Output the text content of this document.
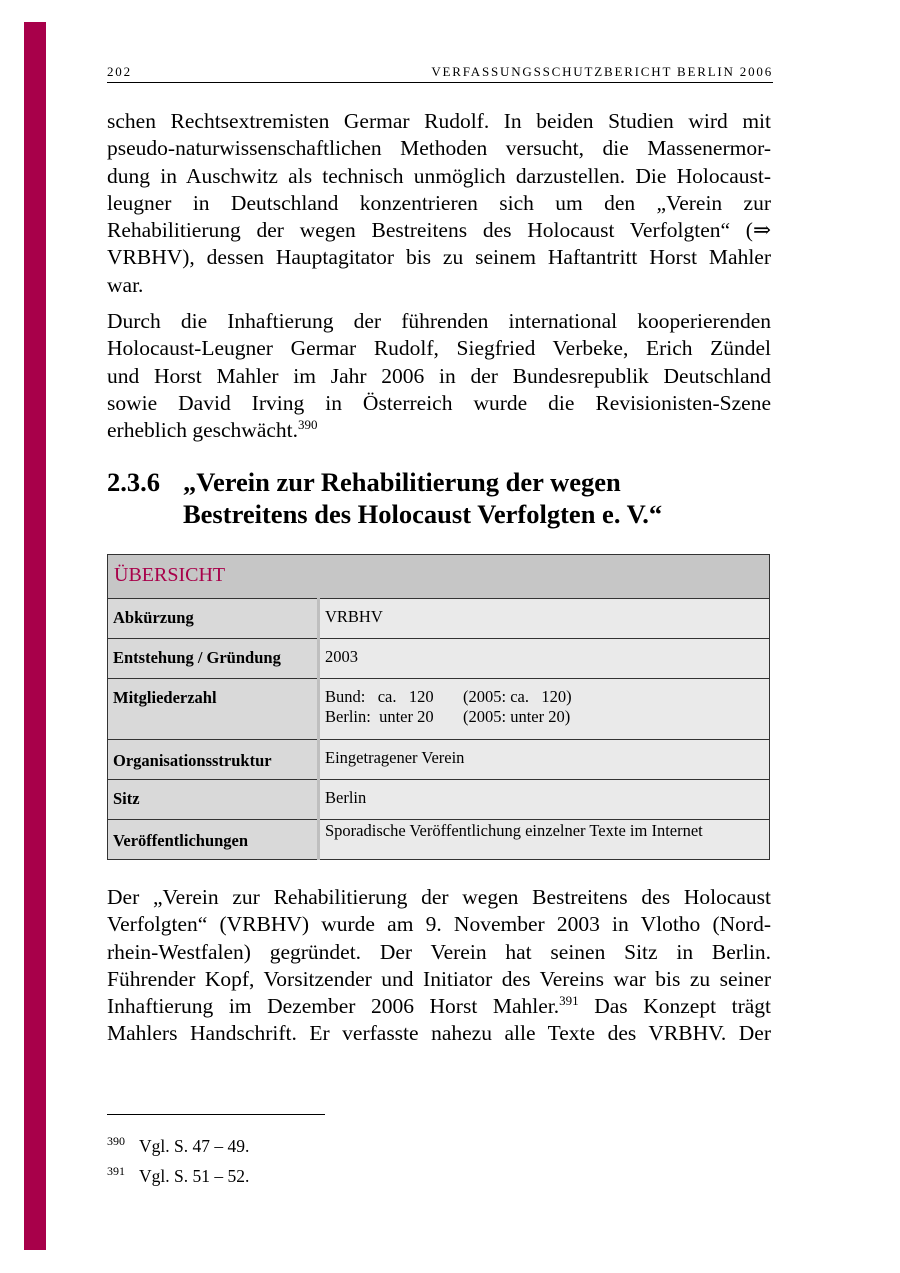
202	VERFASSUNGSSCHUTZBERICHT BERLIN 2006

schen Rechtsextremisten Germar Rudolf. In beiden Studien wird mit
pseudo-naturwissenschaftlichen Methoden versucht, die Massenermor-
dung in Auschwitz als technisch unmöglich darzustellen. Die Holocaust-
leugner in Deutschland konzentrieren sich um den „Verein zur
Rehabilitierung der wegen Bestreitens des Holocaust Verfolgten“ (⇒
VRBHV), dessen Hauptagitator bis zu seinem Haftantritt Horst Mahler
war.

Durch die Inhaftierung der führenden international kooperierenden
Holocaust-Leugner Germar Rudolf, Siegfried Verbeke, Erich Zündel
und Horst Mahler im Jahr 2006 in der Bundesrepublik Deutschland
sowie David Irving in Österreich wurde die Revisionisten-Szene
erheblich geschwächt.$^{390}$

2.3.6 „Verein zur Rehabilitierung der wegen
Bestreitens des Holocaust Verfolgten e. V.“
ÜBERSICHT	
Abkürzung	VRBHV
Entstehung / Gründung	2003
Mitgliederzahl	Bund:   ca.   120 (2005: ca.   120)
Berlin:  unter 20 (2005: unter 20)

Organisationsstruktur	Eingetragener Verein
Sitz	Berlin
Veröffentlichungen	Sporadische Veröffentlichung einzelner Texte im Internet

Der „Verein zur Rehabilitierung der wegen Bestreitens des Holocaust
Verfolgten“ (VRBHV) wurde am 9. November 2003 in Vlotho (Nord-
rhein-Westfalen) gegründet. Der Verein hat seinen Sitz in Berlin.
Führender Kopf, Vorsitzender und Initiator des Vereins war bis zu seiner
Inhaftierung im Dezember 2006 Horst Mahler.$^{391}$ Das Konzept trägt
Mahlers Handschrift. Er verfasste nahezu alle Texte des VRBHV. Der

$^{390}$ Vgl. S. 47 – 49.
$^{391}$ Vgl. S. 51 – 52.
